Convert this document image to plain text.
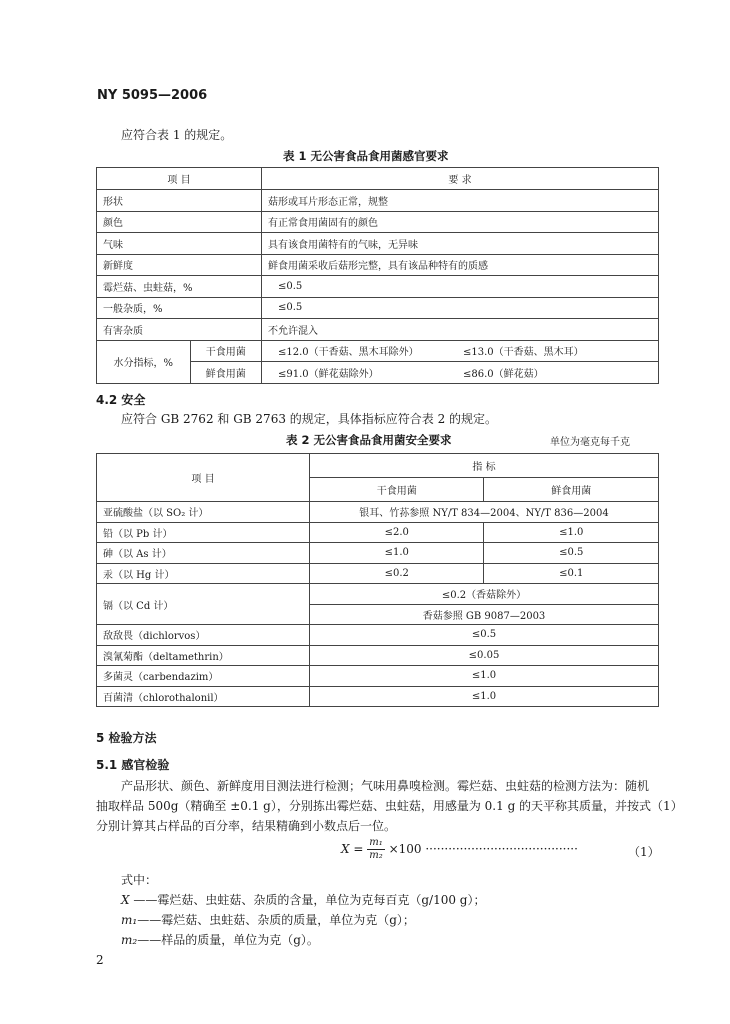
NY 5095—2006
应符合表 1 的规定。
表 1 无公害食品食用菌感官要求
项 目		要 求
形状		菇形或耳片形态正常，规整
颜色		有正常食用菌固有的颜色
气味		具有该食用菌特有的气味，无异味
新鲜度		鲜食用菌采收后菇形完整，具有该品种特有的质感
霉烂菇、虫蛀菇，%		≤0.5
一般杂质，%		≤0.5
有害杂质		不允许混入
水分指标，%	干食用菌	≤12.0（干香菇、黑木耳除外） ≤13.0（干香菇、黑木耳）
	鲜食用菌	≤91.0（鲜花菇除外） ≤86.0（鲜花菇）
4.2 安全
应符合 GB 2762 和 GB 2763 的规定，具体指标应符合表 2 的规定。
表 2 无公害食品食用菌安全要求	单位为毫克每千克
项 目	指 标	
	干食用菌	鲜食用菌
亚硫酸盐（以 SO₂ 计）	银耳、竹荪参照 NY/T 834—2004、NY/T 836—2004	
铅（以 Pb 计）	≤2.0	≤1.0
砷（以 As 计）	≤1.0	≤0.5
汞（以 Hg 计）	≤0.2	≤0.1
镉（以 Cd 计）	≤0.2（香菇除外）	
	香菇参照 GB 9087—2003	
敌敌畏（dichlorvos）	≤0.5	
溴氰菊酯（deltamethrin）	≤0.05	
多菌灵（carbendazim）	≤1.0	
百菌清（chlorothalonil）	≤1.0	
5 检验方法
5.1 感官检验
产品形状、颜色、新鲜度用目测法进行检测；气味用鼻嗅检测。霉烂菇、虫蛀菇的检测方法为：随机
抽取样品 500g（精确至 ±0.1 g），分别拣出霉烂菇、虫蛀菇，用感量为 0.1 g 的天平称其质量，并按式（1）
分别计算其占样品的百分率，结果精确到小数点后一位。
$X = \frac{\text{m₁}}{\text{m₂}} \times 100$ ········································	（1）
式中：
X ——霉烂菇、虫蛀菇、杂质的含量，单位为克每百克（g/100 g）；
m₁——霉烂菇、虫蛀菇、杂质的质量，单位为克（g）；
m₂——样品的质量，单位为克（g）。
2
